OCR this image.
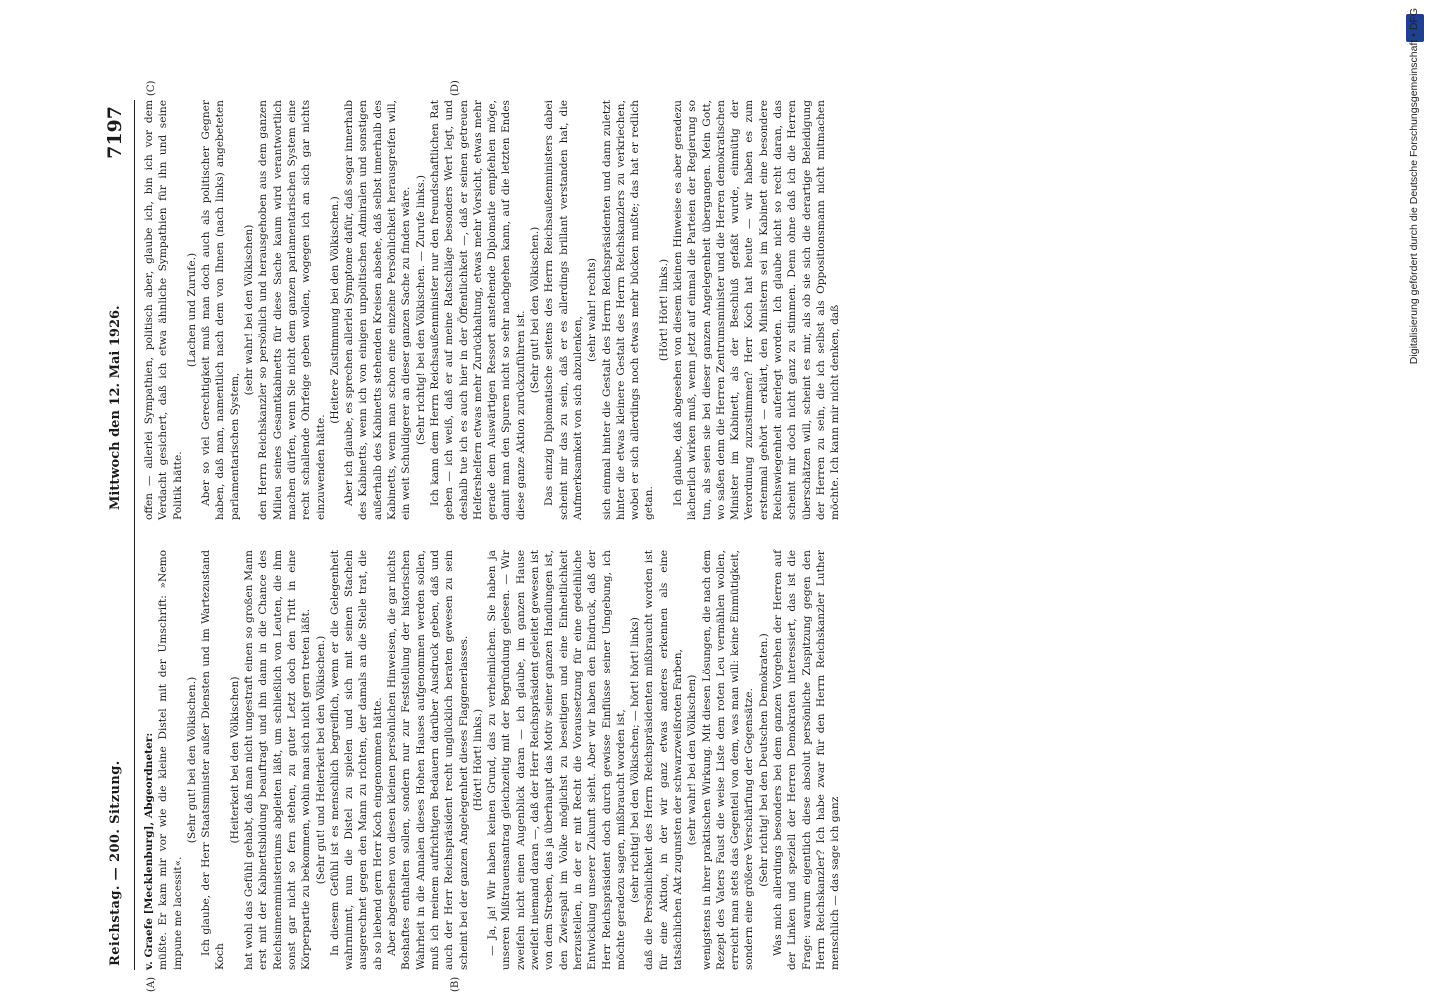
Reichstag. — 200. Sitzung.
Mittwoch den 12. Mai 1926.
7197

v. Graefe [Mecklenburg], Abgeordneter: müßte. Er kam mir vor wie die kleine Distel mit der Umschrift: »Nemo impune me lacessit«.

(Sehr gut! bei den Völkischen.) Ich glaube, der Herr Staatsminister außer Diensten und im Wartezustand Koch

(Heiterkeit bei den Völkischen) hat wohl das Gefühl gehabt, daß man nicht ungestraft einen so großen Mann erst mit der Kabinettsbildung beauftragt und ihn dann in die Chance des Reichsinnenministeriums abgleiten läßt, um schließlich von Leuten, die ihm sonst gar nicht so fern stehen, zu guter Letzt doch den Tritt in eine Körperpartie zu bekommen, wohin man sich nicht gern treten läßt. (Sehr gut! und Heiterkeit bei den Völkischen.) In diesem Gefühl ist es menschlich begreiflich, wenn er die Gelegenheit wahrnimmt, nun die Distel zu spielen und sich mit seinen Stacheln ausgerechnet gegen den Mann zu richten, der damals an die Stelle trat, die ab so liebend gern Herr Koch eingenommen hätte. Aber abgesehen von diesen kleinen persönlichen Hinweisen, die gar nichts Boshaftes enthalten sollen, sondern nur zur Feststellung der historischen Wahrheit in die Annalen dieses Hohen Hauses aufgenommen werden sollen, muß ich meinem aufrichtigen Bedauern darüber Ausdruck geben, daß und auch der Herr Reichspräsident recht unglücklich beraten gewesen zu sein scheint bei der ganzen Angelegenheit dieses Flaggenerlasses. (Hört! Hört! links.) — Ja, ja! Wir haben keinen Grund, das zu verheimlichen. Sie haben ja unseren Mißtrauensantrag gleichzeitig mit der Begründung gelesen. — Wir zweifeln nicht einen Augenblick daran — ich glaube, im ganzen Hause zweifelt niemand daran —, daß der Herr Reichspräsident geleitet gewesen ist von dem Streben, das ja überhaupt das Motiv seiner ganzen Handlungen ist, den Zwiespalt im Volke möglichst zu beseitigen und eine Einheitlichkeit herzustellen, in der er mit Recht die Voraussetzung für eine gedeihliche Entwicklung unserer Zukunft sieht. Aber wir haben den Eindruck, daß der Herr Reichspräsident doch durch gewisse Einflüsse seiner Umgebung, ich möchte geradezu sagen, mißbraucht worden ist, (sehr richtig! bei den Völkischen; — hört! hört! links) daß die Persönlichkeit des Herrn Reichspräsidenten mißbraucht worden ist für eine Aktion, in der wir ganz etwas anderes erkennen als eine tatsächlichen Akt zugunsten der schwarzweißroten Farben, (sehr wahr! bei den Völkischen) wenigstens in ihrer praktischen Wirkung. Mit diesen Lösungen, die nach dem Rezept des Vaters Faust die weise Liste dem roten Leu vermählen wollen, erreicht man stets das Gegenteil von dem, was man will: keine Einmütigkeit, sondern eine größere Verschärfung der Gegensätze. (Sehr richtig! bei den Deutschen Demokraten.) Was mich allerdings besonders bei dem ganzen Vorgehen der Herren auf der Linken und speziell der Herren Demokraten interessiert, das ist die Frage: warum eigentlich diese absolut persönliche Zuspitzung gegen den Herrn Reichskanzler? Ich habe zwar für den Herrn Reichskanzler Luther menschlich — das sage ich ganz

offen — allerlei Sympathien, politisch aber, glaube ich, bin ich vor dem Verdacht gesichert, daß ich etwa ähnliche Sympathien für ihn und seine Politik hätte.

(Lachen und Zurufe.) Aber so viel Gerechtigkeit muß man doch auch als politischer Gegner haben, daß man, namentlich nach dem von Ihnen (nach links) angebeteten parlamentarischen System,

(sehr wahr! bei den Völkischen) den Herrn Reichskanzler so persönlich und herausgehoben aus dem ganzen Milieu seines Gesamtkabinetts für diese Sache kaum wird verantwortlich machen dürfen, wenn Sie nicht dem ganzen parlamentarischen System eine recht schallende Ohrfeige geben wollen, wogegen ich an sich gar nichts einzuwenden hätte.

(Heitere Zustimmung bei den Völkischen.) Aber ich glaube, es sprechen allerlei Symptome dafür, daß sogar innerhalb des Kabinetts, wenn ich von einigen unpolitischen Admiralen und sonstigen außerhalb des Kabinetts stehenden Kreisen absehe, daß selbst innerhalb des Kabinetts, wenn man schon eine einzelne Persönlichkeit herausgreifen will, ein weit Schuldigerer an dieser ganzen Sache zu finden wäre. (Sehr richtig! bei den Völkischen. — Zurufe links.) Ich kann dem Herrn Reichsaußenminister nur den freundschaftlichen Rat geben — ich weiß, daß er auf meine Ratschläge besonders Wert legt, und deshalb tue ich es auch hier in der Öffentlichkeit —, daß er seinen getreuen Helfershelfern etwas mehr Zurückhaltung, etwas mehr Vorsicht, etwas mehr gerade dem Auswärtigen Ressort anstehende Diplomatie empfehlen möge, damit man den Spuren nicht so sehr nachgehen kann, auf die letzten Endes diese ganze Aktion zurückzuführen ist.

(Sehr gut! bei den Völkischen.) Das einzig Diplomatische seitens des Herrn Reichsaußenministers dabei scheint mir das zu sein, daß er es allerdings brillant verstanden hat, die Aufmerksamkeit von sich abzulenken,

(sehr wahr! rechts) sich einmal hinter die Gestalt des Herrn Reichspräsidenten und dann zuletzt hinter die etwas kleinere Gestalt des Herrn Reichskanzlers zu verkriechen, wobei er sich allerdings noch etwas mehr bücken mußte; das hat er redlich getan.

(Hört! Hört! links.) Ich glaube, daß abgesehen von diesem kleinen Hinweise es aber geradezu lächerlich wirken muß, wenn jetzt auf einmal die Parteien der Regierung so tun, als seien sie bei dieser ganzen Angelegenheit übergangen. Mein Gott, wo saßen denn die Herren Zentrumsminister und die Herren demokratischen Minister im Kabinett, als der Beschluß gefaßt wurde, einmütig der Verordnung zuzustimmen? Herr Koch hat heute — wir haben es zum erstenmal gehört — erklärt, den Ministern sei im Kabinett eine besondere Reichswiegenheit auferlegt worden. Ich glaube nicht so recht daran, das scheint mir doch nicht ganz zu stimmen. Denn ohne daß ich die Herren überschätzen will, scheint es mir, als ob sie sich die derartige Beleidigung der Herren zu sein, die ich selbst als Oppositionsmann nicht mitmachen möchte. Ich kann mir nicht denken, daß

(A)	(B)
(C)	(D)	Digitalisierung gefördert durch die Deutsche Forschungsgemeinschaft • DFG
